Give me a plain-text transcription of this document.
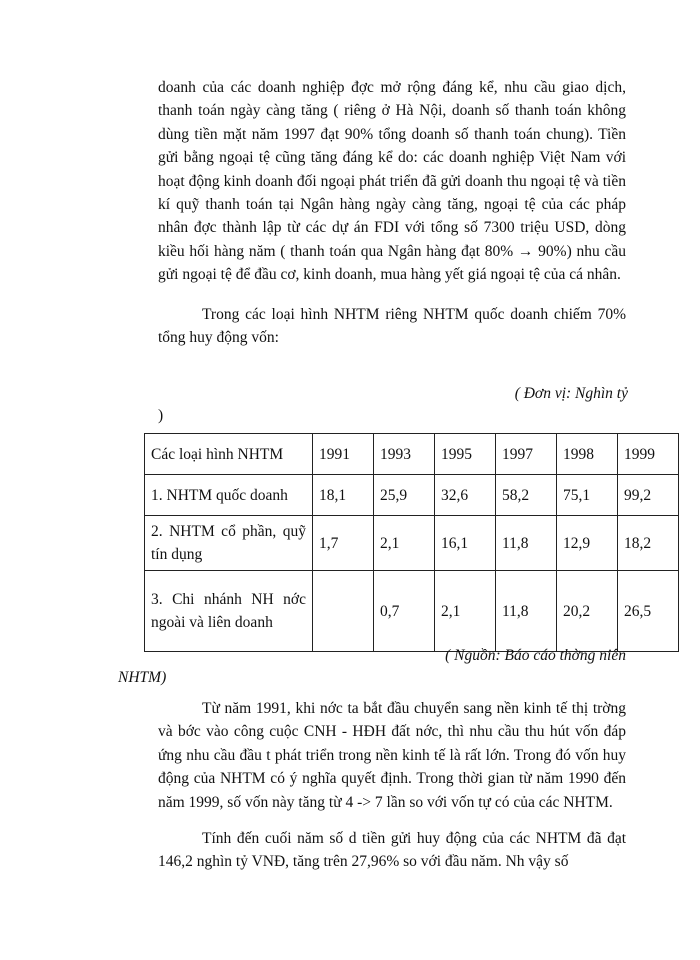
doanh của các doanh nghiệp đợc mở rộng đáng kể, nhu cầu giao dịch, thanh toán ngày càng tăng ( riêng ở Hà Nội, doanh số thanh toán không dùng tiền mặt năm 1997 đạt 90% tổng doanh số thanh toán chung). Tiền gửi bằng ngoại tệ cũng tăng đáng kể do: các doanh nghiệp Việt Nam với hoạt động kinh doanh đối ngoại phát triển đã gửi doanh thu ngoại tệ và tiền kí quỹ thanh toán tại Ngân hàng ngày càng tăng, ngoại tệ của các pháp nhân đợc thành lập từ các dự án FDI với tổng số 7300 triệu USD, dòng kiều hối hàng năm ( thanh toán qua Ngân hàng đạt 80% → 90%) nhu cầu gửi ngoại tệ để đầu cơ, kinh doanh, mua hàng yết giá ngoại tệ của cá nhân.

Trong các loại hình NHTM riêng NHTM quốc doanh chiếm 70% tổng huy động vốn:

( Đơn vị: Nghìn tỷ

)

Các loại hình NHTM	1991	1993	1995	1997	1998	1999
1. NHTM quốc doanh	18,1	25,9	32,6	58,2	75,1	99,2
2. NHTM cổ phần, quỹ tín dụng	1,7	2,1	16,1	11,8	12,9	18,2
3. Chi nhánh NH nớc ngoài và liên doanh		0,7	2,1	11,8	20,2	26,5

( Nguồn: Báo cáo thờng niên

NHTM)

Từ năm 1991, khi nớc ta bắt đầu chuyển sang nền kinh tế thị trờng và bớc vào công cuộc CNH - HĐH đất nớc, thì nhu cầu thu hút vốn đáp ứng nhu cầu đầu t phát triển trong nền kinh tế là rất lớn. Trong đó vốn huy động của NHTM có ý nghĩa quyết định. Trong thời gian từ năm 1990 đến năm 1999, số vốn này tăng từ 4 -> 7 lần so với vốn tự có của các NHTM.

Tính đến cuối năm số d tiền gửi huy động của các NHTM đã đạt 146,2 nghìn tỷ VNĐ, tăng trên 27,96% so với đầu năm. Nh vậy số
